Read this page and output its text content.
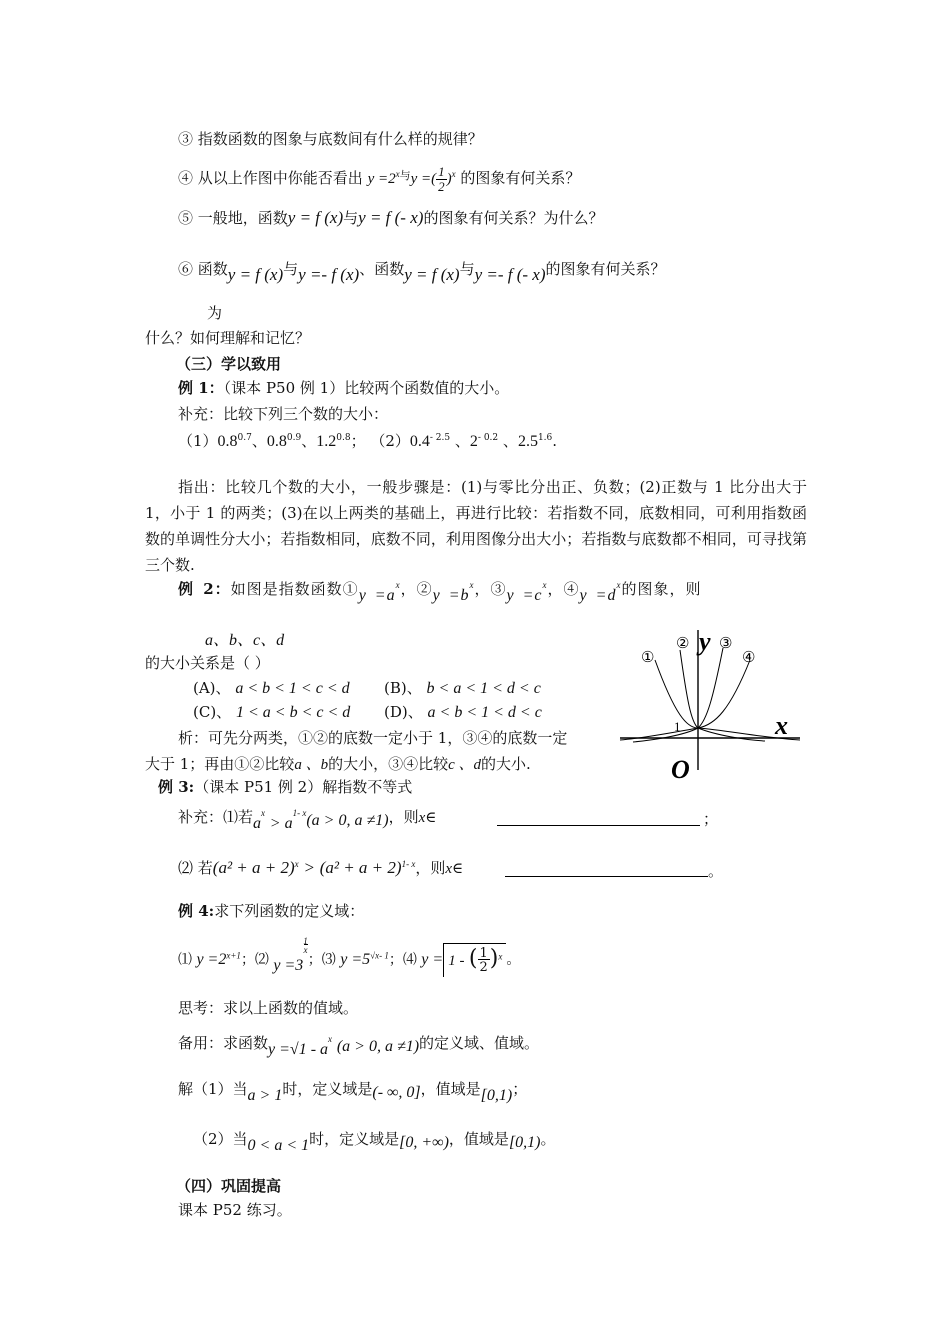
③ 指数函数的图象与底数间有什么样的规律？
④ 从以上作图中你能否看出 $y =2^{x与}y =(\frac{1}{2})^x$ 的图象有何关系？
⑤ 一般地，函数y = f (x)与y = f (- x)的图象有何关系？为什么？
⑥ 函数y = f (x)与y =- f (x)、函数y = f (x)与y =- f (- x)的图象有何关系？
为
什么？如何理解和记忆？
（三）学以致用
例 1：（课本 P50 例 1）比较两个函数值的大小。
补充：比较下列三个数的大小：
$(1)0.8^{0.7}$、$0.8^{0.9}$、$1.2^{0.8}$； $(2)0.4^{- 2.5}$ 、$2^{- 0.2}$ 、$2.5^{1.6}$.
指出：比较几个数的大小，一般步骤是：(1)与零比分出正、负数；(2)正数与 1 比分出大于 1，小于 1 的两类；(3)在以上两类的基础上，再进行比较：若指数不同，底数相同，可利用指数函数的单调性分大小；若指数相同，底数不同，利用图像分出大小；若指数与底数都不相同，可寻找第三个数.
例 2：如图是指数函数①y $=a^x$，②y $=b^x$，③y $=c^x$，④y $=d^x$的图象，则
a、b、c、d
的大小关系是（ ）
(A)、 a < b < 1 < c < d (B)、 b < a < 1 < d < c
(C)、 1 < a < b < c < d (D)、 a < b < 1 < d < c
析：可先分两类，①②的底数一定小于 1，③④的底数一定
大于 1；再由①②比较a 、b的大小，③④比较c 、d的大小.
①
② ③
④
y
x
O
1
例 3:（课本 P51 例 2）解指数不等式
补充：⑴若$a^x > a^{1- x}(a > 0$, a ≠1)，则x∈	；
⑵ 若$(a^2 + a + 2)^x > (a^2 + a + 2)^{1- x}$，则x∈	。
例 4:求下列函数的定义域：
⑴ $y =2^{x+1}$；⑵ $y =3\frac{1}{x}$；⑶ $y =5^{√x- 1}$；⑷ $y = 1 - (\frac{1}{2})^x$ 。
思考：求以上函数的值域。
备用：求函数$y =√1 - a^x$ (a > 0, a ≠1)的定义域、值域。
解（1）当a > 1时，定义域是(- ∞, 0]，值域是[0,1)；
（2）当0 < a < 1时，定义域是[0, +∞)，值域是[0,1)。
（四）巩固提高
课本 P52 练习。
